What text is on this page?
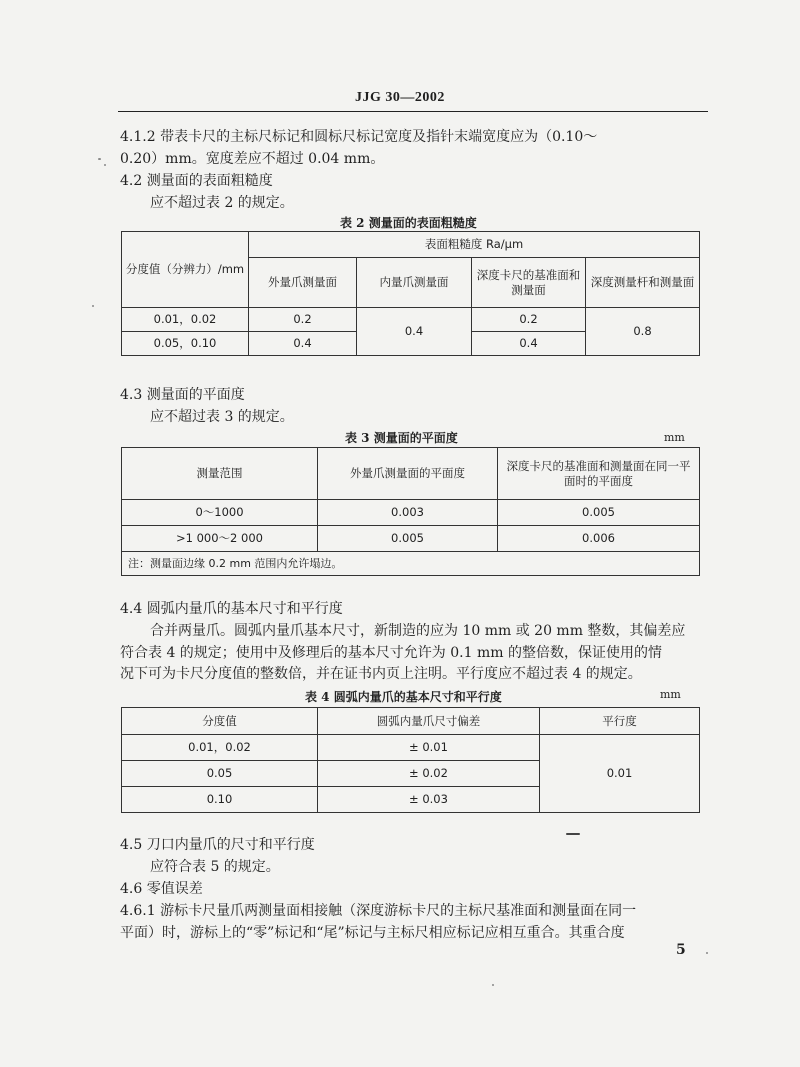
JJG 30—2002
4.1.2 带表卡尺的主标尺标记和圆标尺标记宽度及指针末端宽度应为（0.10～
0.20）mm。宽度差应不超过 0.04 mm。
4.2 测量面的表面粗糙度
应不超过表 2 的规定。
表 2 测量面的表面粗糙度
分度值（分辨力）/mm	表面粗糙度 Ra/μm			
	外量爪测量面	内量爪测量面	深度卡尺的基准面和测量面	深度测量杆和测量面
0.01，0.02	0.2	0.4	0.2	0.8
0.05，0.10	0.4		0.4	
4.3 测量面的平面度
应不超过表 3 的规定。
表 3 测量面的平面度	mm
测量范围	外量爪测量面的平面度	深度卡尺的基准面和测量面在同一平面时的平面度
0～1000	0.003	0.005
>1 000～2 000	0.005	0.006
注：测量面边缘 0.2 mm 范围内允许塌边。		
4.4 圆弧内量爪的基本尺寸和平行度
合并两量爪。圆弧内量爪基本尺寸，新制造的应为 10 mm 或 20 mm 整数，其偏差应
符合表 4 的规定；使用中及修理后的基本尺寸允许为 0.1 mm 的整倍数，保证使用的情
况下可为卡尺分度值的整数倍，并在证书内页上注明。平行度应不超过表 4 的规定。
表 4 圆弧内量爪的基本尺寸和平行度	mm
分度值	圆弧内量爪尺寸偏差	平行度
0.01，0.02	± 0.01	0.01
0.05	± 0.02	
0.10	± 0.03	
4.5 刀口内量爪的尺寸和平行度
应符合表 5 的规定。
4.6 零值误差
4.6.1 游标卡尺量爪两测量面相接触（深度游标卡尺的主标尺基准面和测量面在同一
平面）时，游标上的“零”标记和“尾”标记与主标尺相应标记应相互重合。其重合度
5
